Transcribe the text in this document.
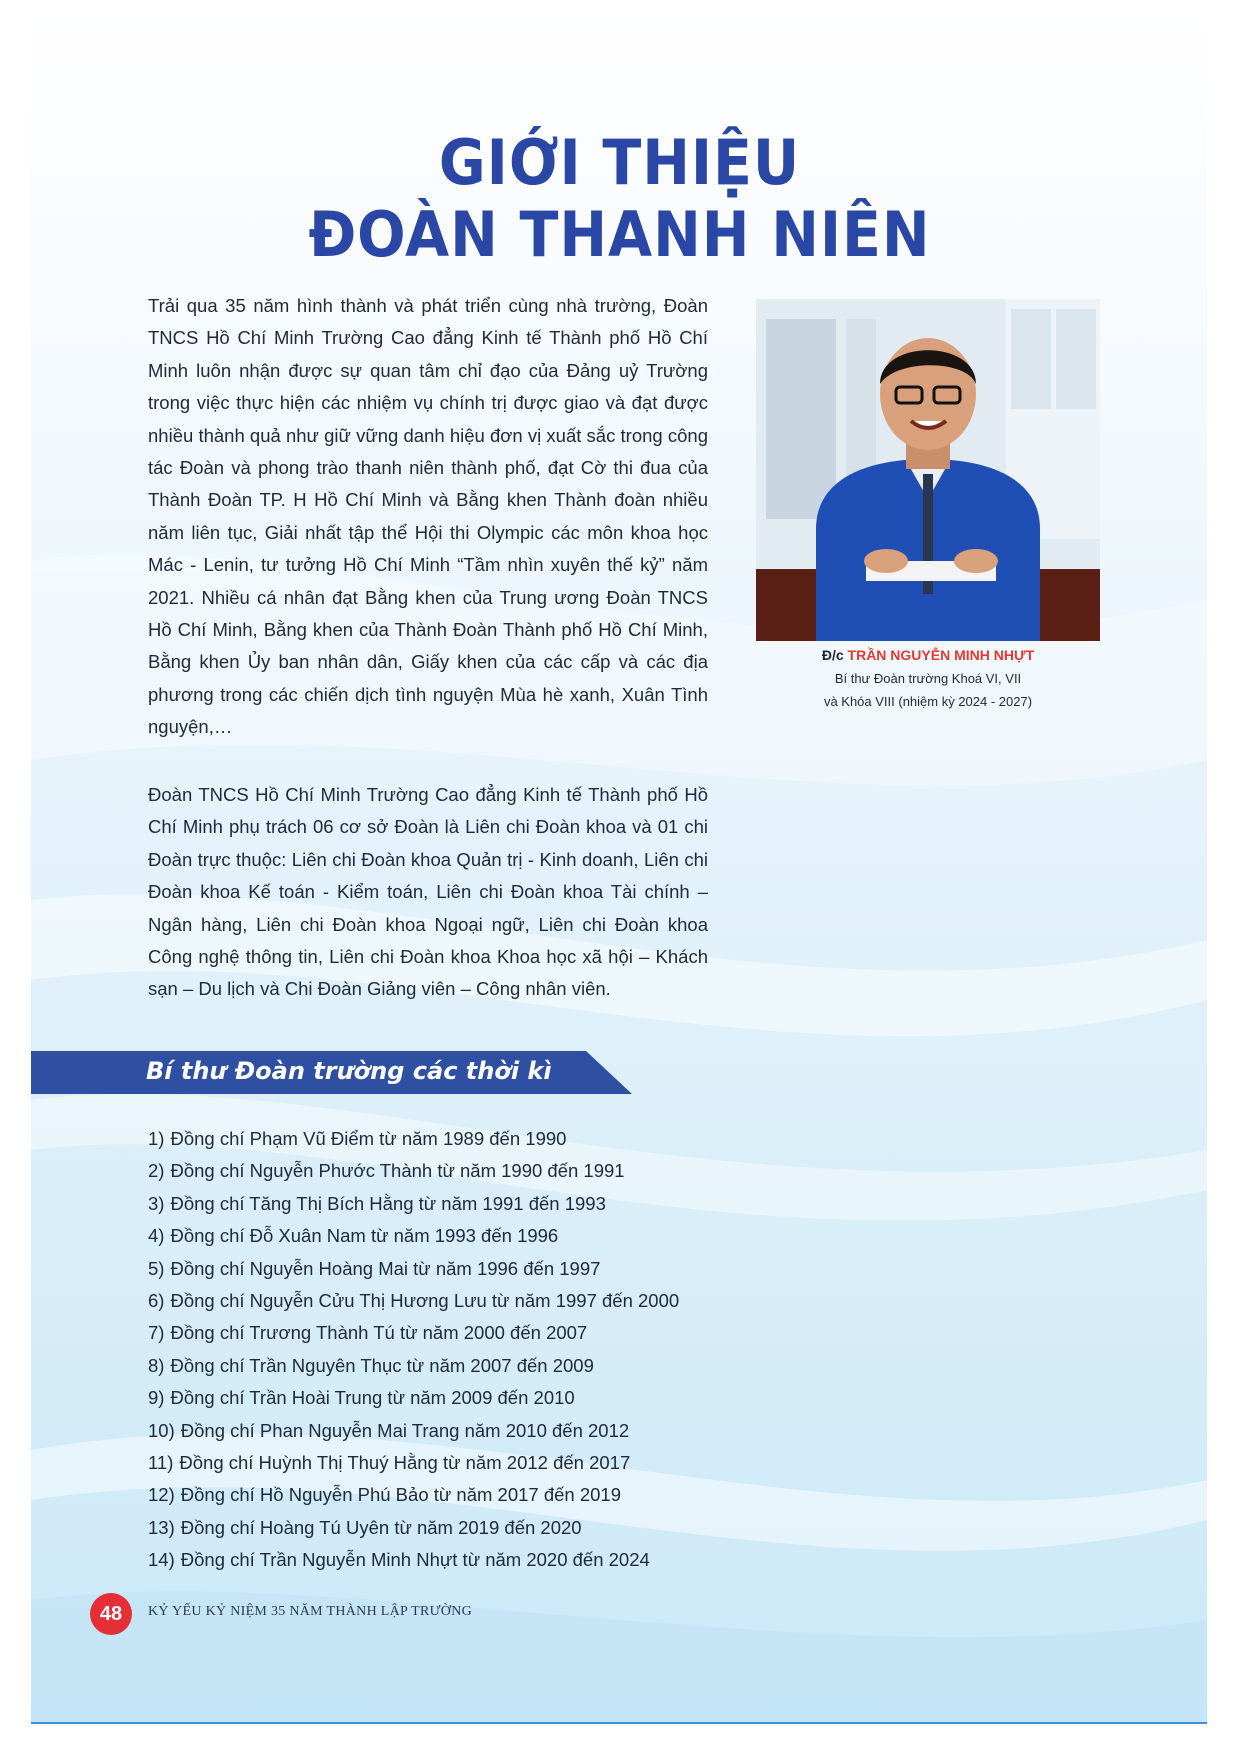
GIỚI THIỆU
ĐOÀN THANH NIÊN
Trải qua 35 năm hình thành và phát triển cùng nhà trường, Đoàn TNCS Hồ Chí Minh Trường Cao đẳng Kinh tế Thành phố Hồ Chí Minh luôn nhận được sự quan tâm chỉ đạo của Đảng uỷ Trường trong việc thực hiện các nhiệm vụ chính trị được giao và đạt được nhiều thành quả như giữ vững danh hiệu đơn vị xuất sắc trong công tác Đoàn và phong trào thanh niên thành phố, đạt Cờ thi đua của Thành Đoàn TP. H Hồ Chí Minh và Bằng khen Thành đoàn nhiều năm liên tục, Giải nhất tập thể Hội thi Olympic các môn khoa học Mác - Lenin, tư tưởng Hồ Chí Minh “Tầm nhìn xuyên thế kỷ” năm 2021. Nhiều cá nhân đạt Bằng khen của Trung ương Đoàn TNCS Hồ Chí Minh, Bằng khen của Thành Đoàn Thành phố Hồ Chí Minh, Bằng khen Ủy ban nhân dân, Giấy khen của các cấp và các địa phương trong các chiến dịch tình nguyện Mùa hè xanh, Xuân Tình nguyện,…
Đoàn TNCS Hồ Chí Minh Trường Cao đẳng Kinh tế Thành phố Hồ Chí Minh phụ trách 06 cơ sở Đoàn là Liên chi Đoàn khoa và 01 chi Đoàn trực thuộc: Liên chi Đoàn khoa Quản trị - Kinh doanh, Liên chi Đoàn khoa Kế toán - Kiểm toán, Liên chi Đoàn khoa Tài chính – Ngân hàng, Liên chi Đoàn khoa Ngoại ngữ, Liên chi Đoàn khoa Công nghệ thông tin, Liên chi Đoàn khoa Khoa học xã hội – Khách sạn – Du lịch và Chi Đoàn Giảng viên – Công nhân viên.
Đ/c TRẦN NGUYỄN MINH NHỰT
Bí thư Đoàn trường Khoá VI, VII
và Khóa VIII (nhiệm kỳ 2024 - 2027)
Bí thư Đoàn trường các thời kì
1) Đồng chí Phạm Vũ Điểm từ năm 1989 đến 1990
2) Đồng chí Nguyễn Phước Thành từ năm 1990 đến 1991
3) Đồng chí Tăng Thị Bích Hằng từ năm 1991 đến 1993
4) Đồng chí Đỗ Xuân Nam từ năm 1993 đến 1996
5) Đồng chí Nguyễn Hoàng Mai từ năm 1996 đến 1997
6) Đồng chí Nguyễn Cửu Thị Hương Lưu từ năm 1997 đến 2000
7) Đồng chí Trương Thành Tú từ năm 2000 đến 2007
8) Đồng chí Trần Nguyên Thục từ năm 2007 đến 2009
9) Đồng chí Trần Hoài Trung từ năm 2009 đến 2010
10) Đồng chí Phan Nguyễn Mai Trang năm 2010 đến 2012
11) Đồng chí Huỳnh Thị Thuý Hằng từ năm 2012 đến 2017
12) Đồng chí Hồ Nguyễn Phú Bảo từ năm 2017 đến 2019
13) Đồng chí Hoàng Tú Uyên từ năm 2019 đến 2020
14) Đồng chí Trần Nguyễn Minh Nhựt từ năm 2020 đến 2024
48	KỶ YẾU KỶ NIỆM 35 NĂM THÀNH LẬP TRƯỜNG
